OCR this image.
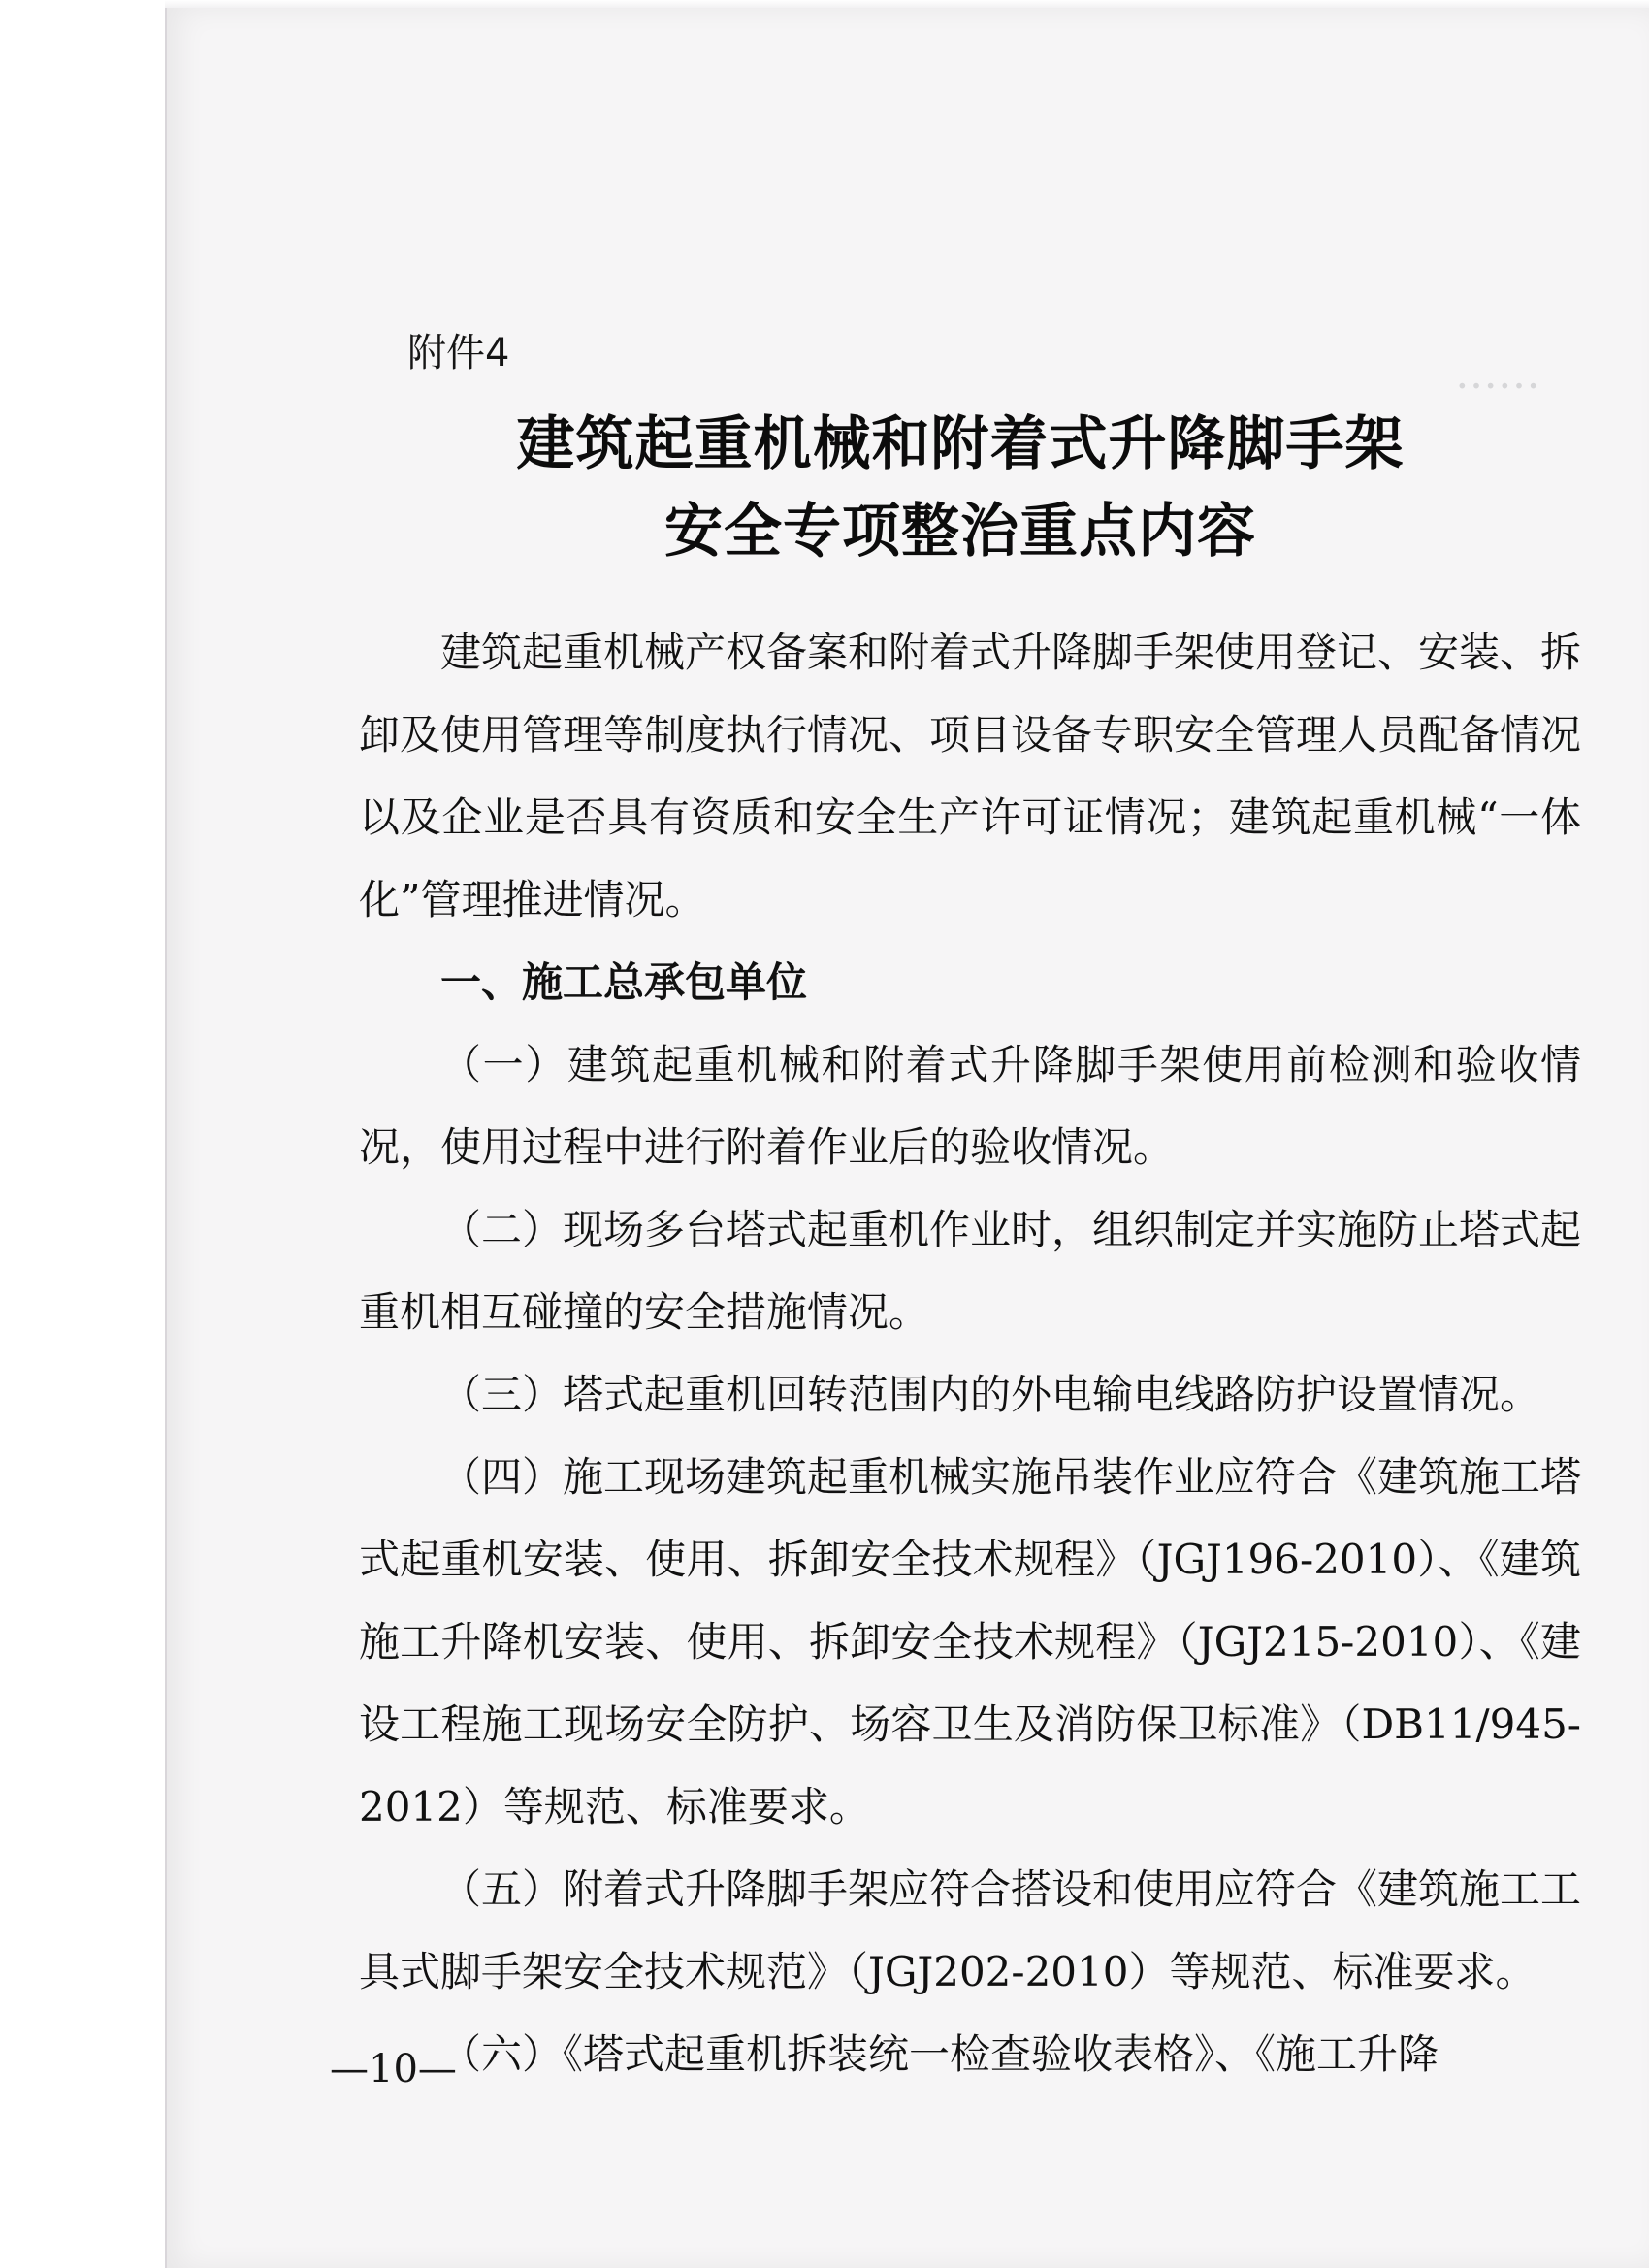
……
附件4
建筑起重机械和附着式升降脚手架
安全专项整治重点内容

建筑起重机械产权备案和附着式升降脚手架使用登记、安装、拆卸及使用管理等制度执行情况、项目设备专职安全管理人员配备情况以及企业是否具有资质和安全生产许可证情况；建筑起重机械“一体化”管理推进情况。

一、施工总承包单位

（一）建筑起重机械和附着式升降脚手架使用前检测和验收情况，使用过程中进行附着作业后的验收情况。

（二）现场多台塔式起重机作业时，组织制定并实施防止塔式起重机相互碰撞的安全措施情况。

（三）塔式起重机回转范围内的外电输电线路防护设置情况。

（四）施工现场建筑起重机械实施吊装作业应符合《建筑施工塔式起重机安装、使用、拆卸安全技术规程》（JGJ196-2010）、《建筑施工升降机安装、使用、拆卸安全技术规程》（JGJ215-2010）、《建设工程施工现场安全防护、场容卫生及消防保卫标准》（DB11/945-2012）等规范、标准要求。

（五）附着式升降脚手架应符合搭设和使用应符合《建筑施工工具式脚手架安全技术规范》（JGJ202-2010）等规范、标准要求。

（六）《塔式起重机拆装统一检查验收表格》、《施工升降

—10—
